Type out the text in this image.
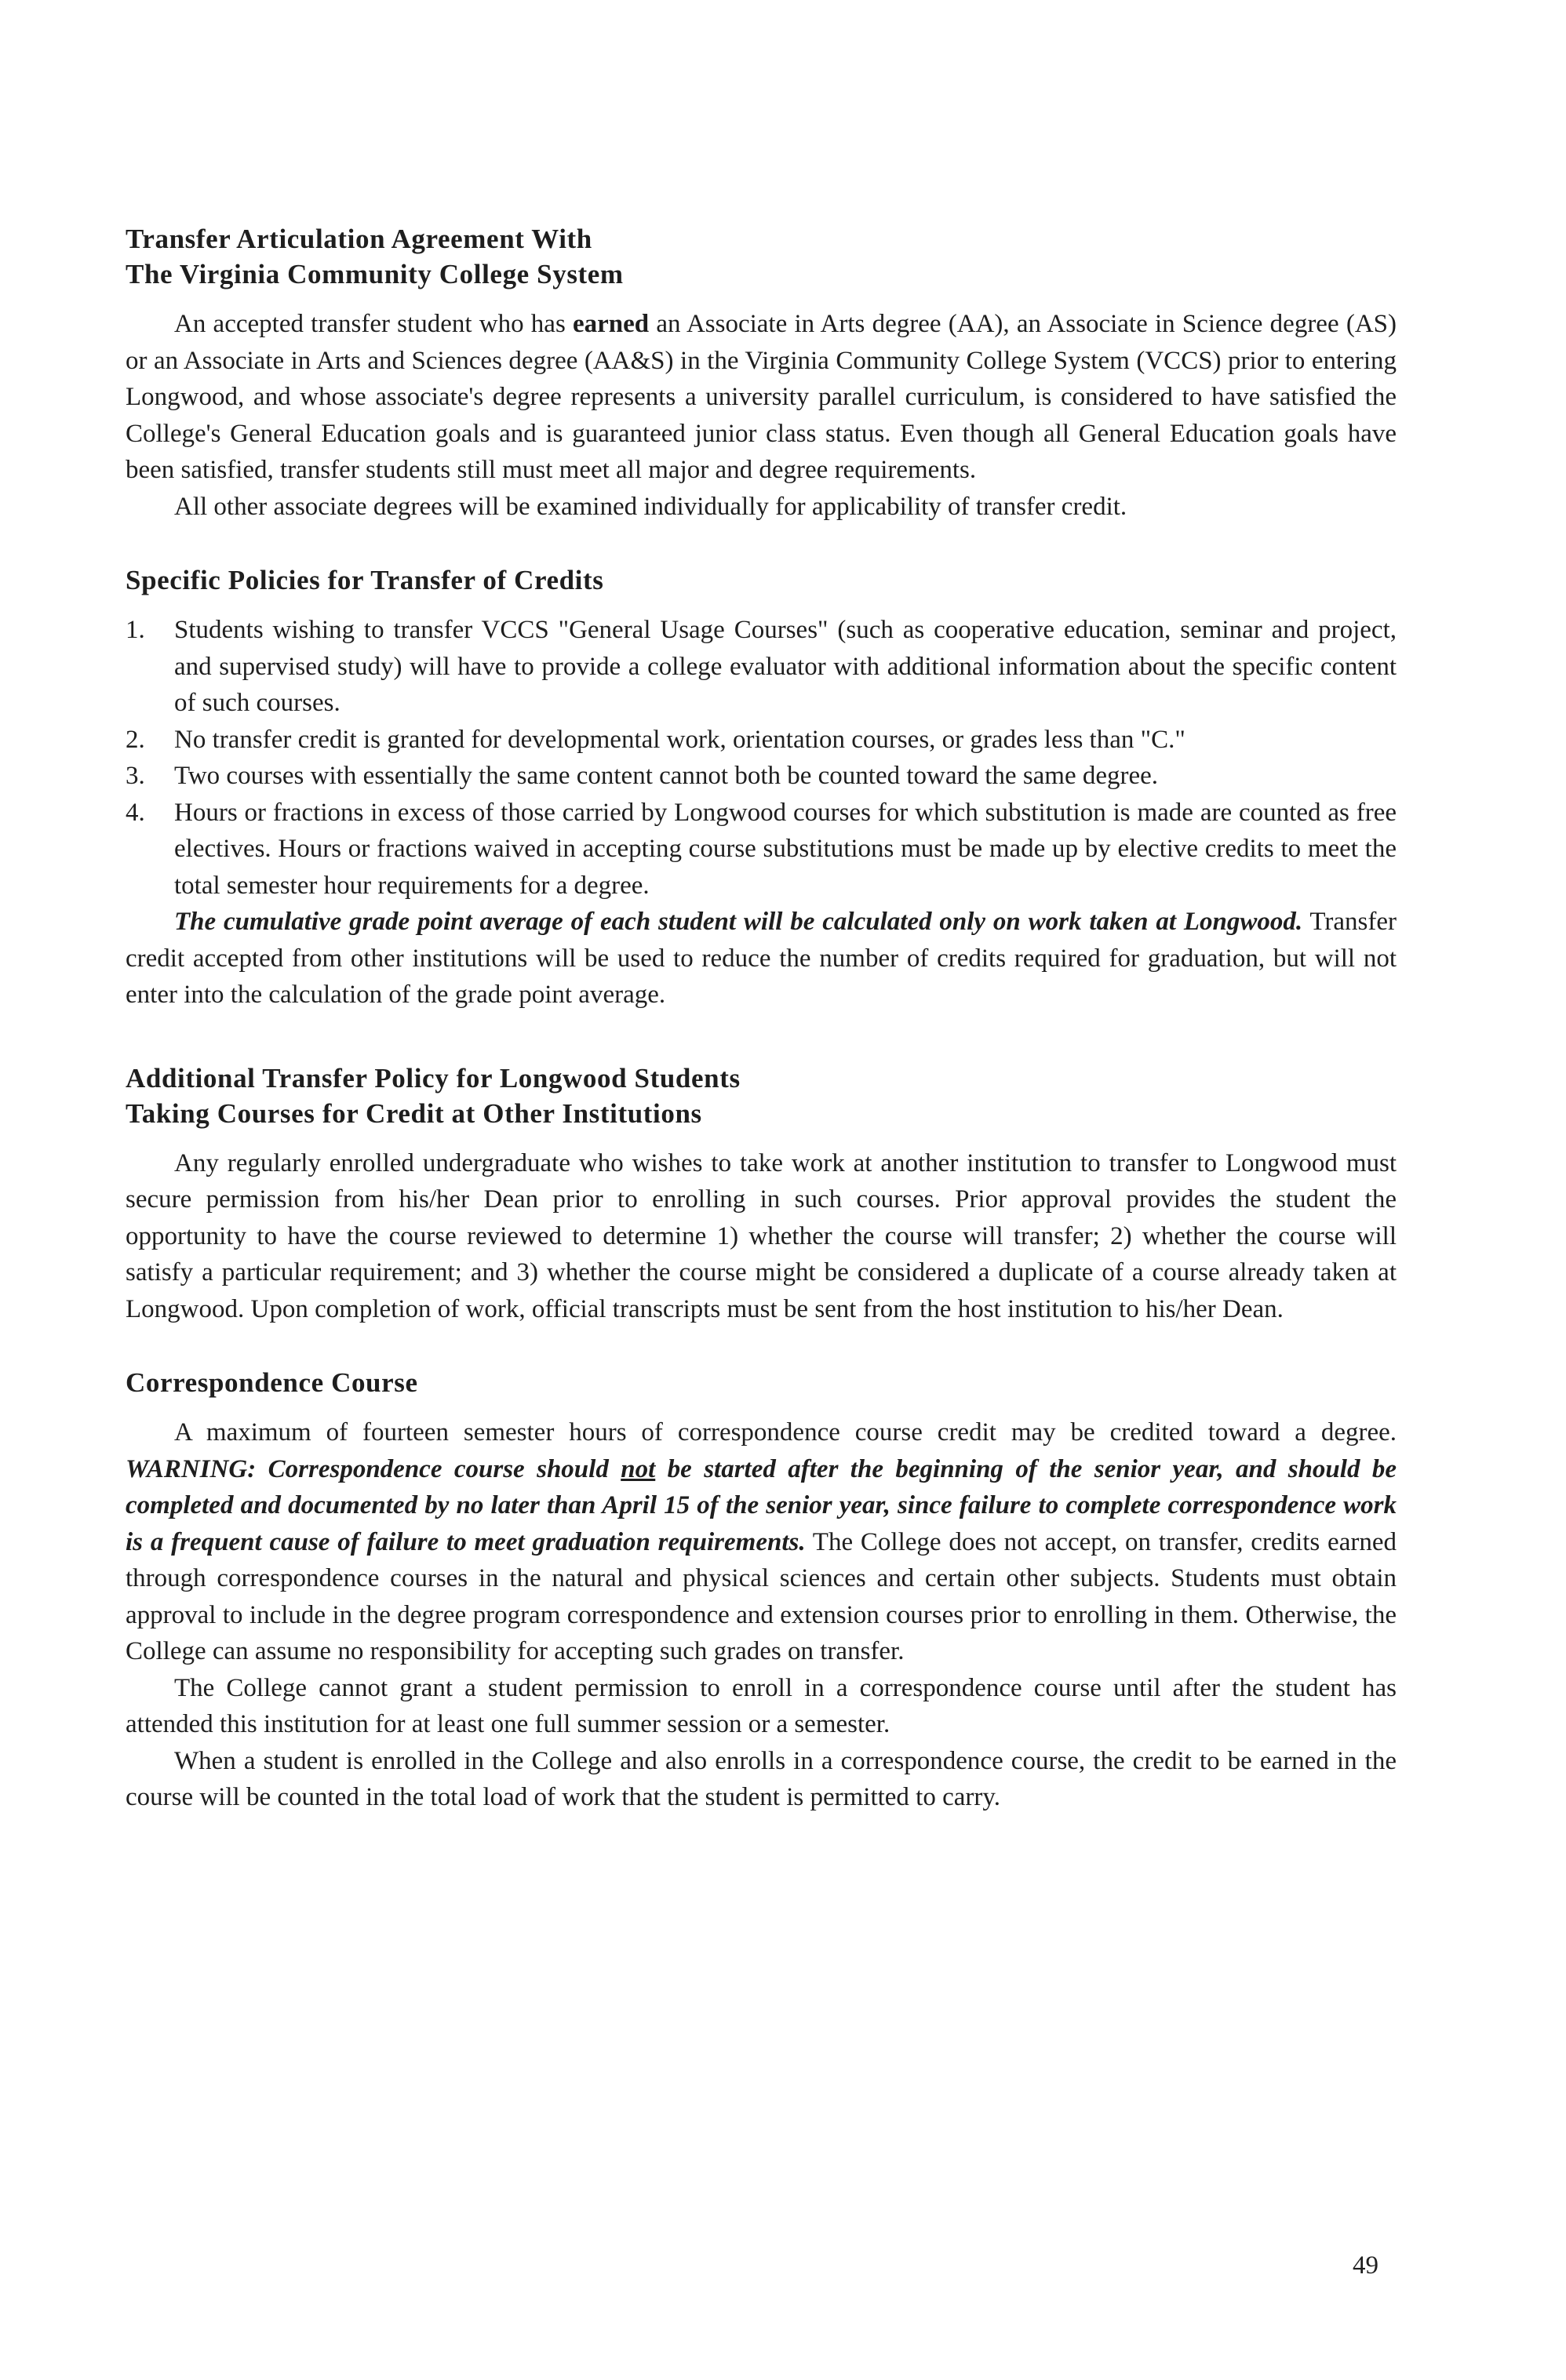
Transfer Articulation Agreement With
The Virginia Community College System

An accepted transfer student who has earned an Associate in Arts degree (AA), an Associate in Science degree (AS) or an Associate in Arts and Sciences degree (AA&S) in the Virginia Community College System (VCCS) prior to entering Longwood, and whose associate's degree represents a university parallel curriculum, is considered to have satisfied the College's General Education goals and is guaranteed junior class status. Even though all General Education goals have been satisfied, transfer students still must meet all major and degree requirements.

All other associate degrees will be examined individually for applicability of transfer credit.

Specific Policies for Transfer of Credits
1. Students wishing to transfer VCCS "General Usage Courses" (such as cooperative education, seminar and project, and supervised study) will have to provide a college evaluator with additional information about the specific content of such courses.
2. No transfer credit is granted for developmental work, orientation courses, or grades less than "C."
3. Two courses with essentially the same content cannot both be counted toward the same degree.
4. Hours or fractions in excess of those carried by Longwood courses for which substitution is made are counted as free electives. Hours or fractions waived in accepting course substitutions must be made up by elective credits to meet the total semester hour requirements for a degree.

The cumulative grade point average of each student will be calculated only on work taken at Longwood. Transfer credit accepted from other institutions will be used to reduce the number of credits required for graduation, but will not enter into the calculation of the grade point average.

Additional Transfer Policy for Longwood Students
Taking Courses for Credit at Other Institutions

Any regularly enrolled undergraduate who wishes to take work at another institution to transfer to Longwood must secure permission from his/her Dean prior to enrolling in such courses. Prior approval provides the student the opportunity to have the course reviewed to determine 1) whether the course will transfer; 2) whether the course will satisfy a particular requirement; and 3) whether the course might be considered a duplicate of a course already taken at Longwood. Upon completion of work, official transcripts must be sent from the host institution to his/her Dean.

Correspondence Course

A maximum of fourteen semester hours of correspondence course credit may be credited toward a degree. WARNING: Correspondence course should not be started after the beginning of the senior year, and should be completed and documented by no later than April 15 of the senior year, since failure to complete correspondence work is a frequent cause of failure to meet graduation requirements. The College does not accept, on transfer, credits earned through correspondence courses in the natural and physical sciences and certain other subjects. Students must obtain approval to include in the degree program correspondence and extension courses prior to enrolling in them. Otherwise, the College can assume no responsibility for accepting such grades on transfer.

The College cannot grant a student permission to enroll in a correspondence course until after the student has attended this institution for at least one full summer session or a semester.

When a student is enrolled in the College and also enrolls in a correspondence course, the credit to be earned in the course will be counted in the total load of work that the student is permitted to carry.

49
